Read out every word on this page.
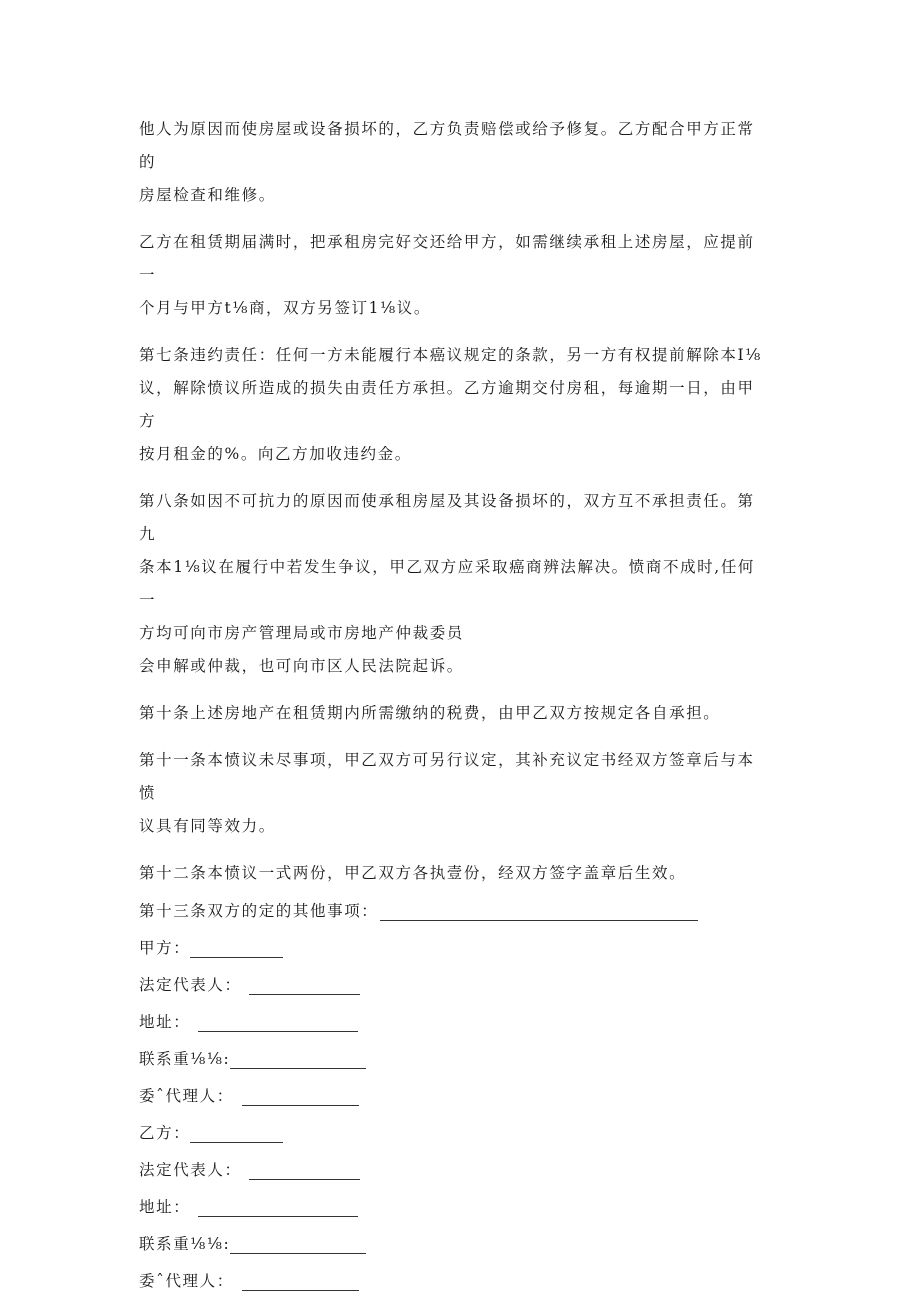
他人为原因而使房屋或设备损坏的，乙方负责赔偿或给予修复。乙方配合甲方正常的
房屋检查和维修。

乙方在租赁期届满时，把承租房完好交还给甲方，如需继续承租上述房屋，应提前一
个月与甲方t⅛商，双方另签订1⅛议。

第七条违约责任：任何一方未能履行本癌议规定的条款，另一方有权提前解除本I⅛
议，解除愤议所造成的损失由责任方承担。乙方逾期交付房租，每逾期一日，由甲方
按月租金的%。向乙方加收违约金。

第八条如因不可抗力的原因而使承租房屋及其设备损坏的，双方互不承担责任。第九
条本1⅛议在履行中若发生争议，甲乙双方应采取癌商辨法解决。愤商不成时,任何一
方均可向市房产管理局或市房地产仲裁委员
会申解或仲裁，也可向市区人民法院起诉。

第十条上述房地产在租赁期内所需缴纳的税费，由甲乙双方按规定各自承担。

第十一条本愤议未尽事项，甲乙双方可另行议定，其补充议定书经双方签章后与本愤
议具有同等效力。

第十二条本愤议一式两份，甲乙双方各执壹份，经双方签字盖章后生效。

第十三条双方的定的其他事项：
甲方：
法定代表人：
地址：
联系重⅛⅛:
委ˆ代理人：
乙方：
法定代表人：
地址：
联系重⅛⅛:
委ˆ代理人：
